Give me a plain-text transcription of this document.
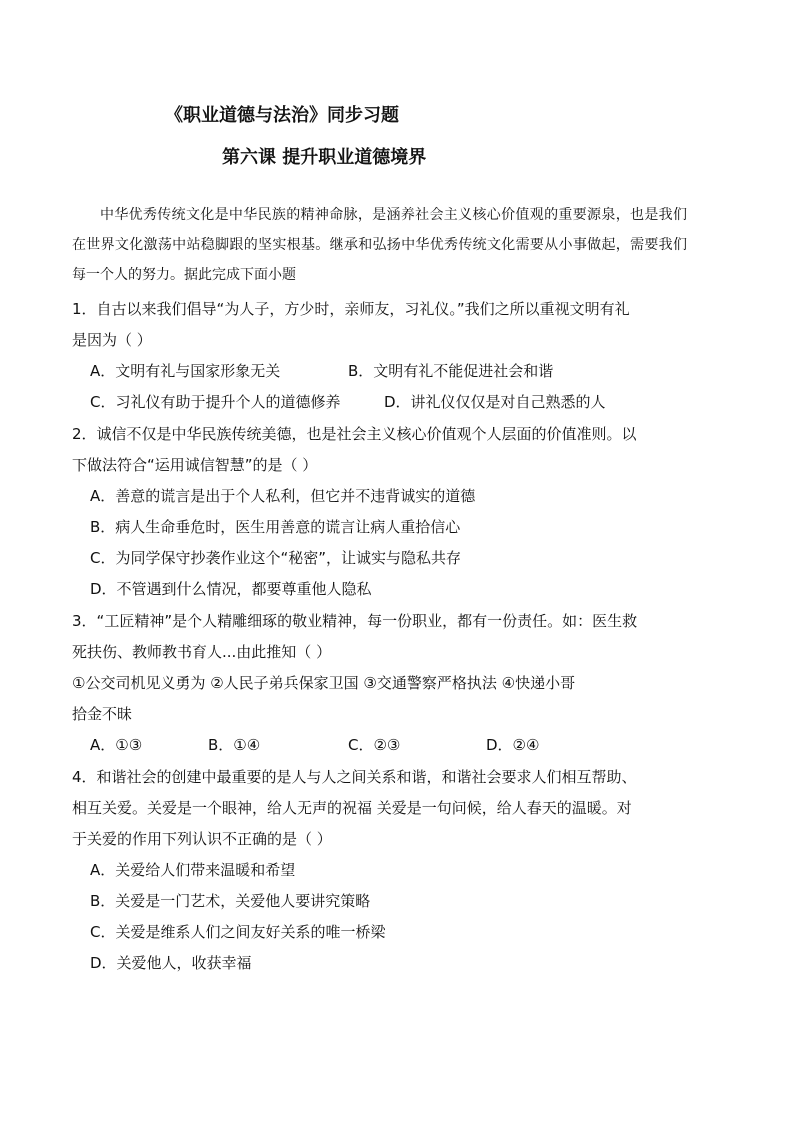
《职业道德与法治》同步习题
第六课 提升职业道德境界

中华优秀传统文化是中华民族的精神命脉，是涵养社会主义核心价值观的重要源泉，也是我们在世界文化激荡中站稳脚跟的坚实根基。继承和弘扬中华优秀传统文化需要从小事做起，需要我们每一个人的努力。据此完成下面小题

1．自古以来我们倡导“为人子，方少时，亲师友，习礼仪。”我们之所以重视文明有礼
是因为（ ）
A．文明有礼与国家形象无关	B．文明有礼不能促进社会和谐
C．习礼仪有助于提升个人的道德修养	D．讲礼仪仅仅是对自己熟悉的人
2．诚信不仅是中华民族传统美德，也是社会主义核心价值观个人层面的价值准则。以
下做法符合“运用诚信智慧”的是（ ）
A．善意的谎言是出于个人私利，但它并不违背诚实的道德
B．病人生命垂危时，医生用善意的谎言让病人重拾信心
C．为同学保守抄袭作业这个“秘密”，让诚实与隐私共存
D．不管遇到什么情况，都要尊重他人隐私
3．“工匠精神”是个人精雕细琢的敬业精神，每一份职业，都有一份责任。如：医生救
死扶伤、教师教书育人...由此推知（ ）
①公交司机见义勇为 ②人民子弟兵保家卫国 ③交通警察严格执法 ④快递小哥
拾金不昧
A．①③	B．①④	C．②③	D．②④
4．和谐社会的创建中最重要的是人与人之间关系和谐，和谐社会要求人们相互帮助、
相互关爱。关爱是一个眼神，给人无声的祝福 关爱是一句问候，给人春天的温暖。对
于关爱的作用下列认识不正确的是（ ）
A．关爱给人们带来温暖和希望
B．关爱是一门艺术，关爱他人要讲究策略
C．关爱是维系人们之间友好关系的唯一桥梁
D．关爱他人，收获幸福
